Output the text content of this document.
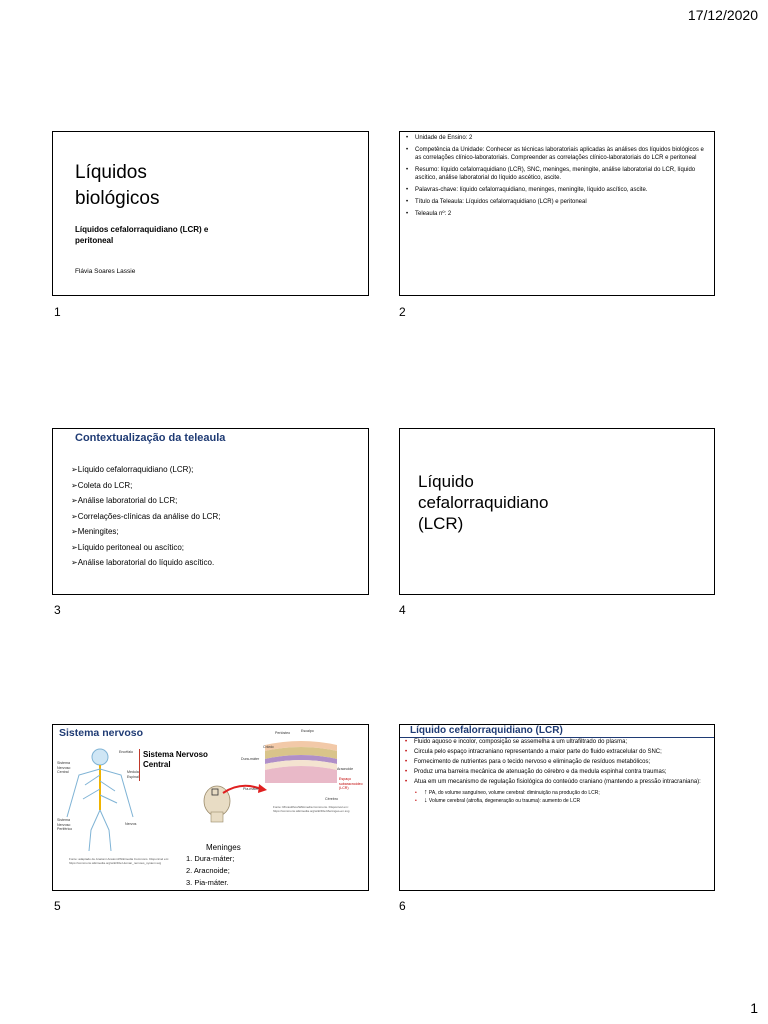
17/12/2020
Líquidos biológicos
Líquidos cefalorraquidiano (LCR) e peritoneal
Flávia Soares Lassie
1
• Unidade de Ensino: 2
• Competência da Unidade: Conhecer as técnicas laboratoriais aplicadas às análises dos líquidos biológicos e as correlações clínico-laboratoriais. Compreender as correlações clínico-laboratoriais do LCR e peritoneal
• Resumo: líquido cefalorraquidiano (LCR), SNC, meninges, meningite, análise laboratorial do LCR, líquido ascítico, análise laboratorial do líquido ascético, ascite.
• Palavras-chave: líquido cefalorraquidiano, meninges, meningite, líquido ascítico, ascite.
• Título da Teleaula: Líquidos cefalorraquidiano (LCR) e peritoneal
• Teleaula nº: 2
2
Contextualização da teleaula
➢ Líquido cefalorraquidiano (LCR);
➢ Coleta do LCR;
➢ Análise laboratorial do LCR;
➢ Correlações-clínicas da análise do LCR;
➢ Meningites;
➢ Líquido peritoneal ou ascítico;
➢ Análise laboratorial do líquido ascítico.
3
Líquido cefalorraquidiano (LCR)
4
Sistema nervoso
Encéfalo
Medula Espinal
Sistema Nervoso Central
Sistema Nervoso Periférico
Nervos
Fonte: adaptado de Anatomi Anatomi/Wikimedia Commons. Disponível em: https://commons.wikimedia.org/wiki/File:Human_nervous_system.svg
Sistema Nervoso Central
Periósteo	Escalpo
Crânio
Dura-máter
Aracnoide
Pia-máter
Espaço subaracnoideo (LCR)
Cérebro
Fonte: Rhcastilhos/Wikimedia Commons. Disponível em: https://commons.wikimedia.org/wiki/File:Meninges-en.svg
Meninges
1. Dura-máter;
2. Aracnoide;
3. Pia-máter.
5
Líquido cefalorraquidiano (LCR)
• Fluido aquoso e incolor, composição se assemelha a um ultrafiltrado do plasma;
• Circula pelo espaço intracraniano representando a maior parte do fluido extracelular do SNC;
• Fornecimento de nutrientes para o tecido nervoso e eliminação de resíduos metabólicos;
• Produz uma barreira mecânica de atenuação do cérebro e da medula espinhal contra traumas;
• Atua em um mecanismo de regulação fisiológica do conteúdo craniano (mantendo a pressão intracraniana):
• ↑ PA, do volume sanguíneo, volume cerebral: diminuição na produção do LCR;
• ↓ Volume cerebral (atrofia, degeneração ou trauma): aumento de LCR
6
1
